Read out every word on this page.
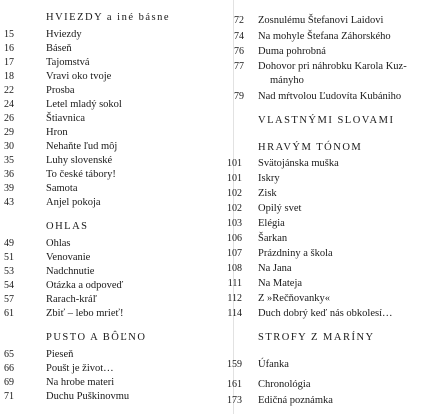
HVIEZDY a iné básne
15	Hviezdy
16	Báseň
17	Tajomstvá
18	Vravi oko tvoje
22	Prosba
24	Letel mladý sokol
26	Štiavnica
29	Hron
30	Nehaňte ľud môj
35	Luhy slovenské
36	To české tábory!
39	Samota
43	Anjel pokoja
OHLAS
49	Ohlas
51	Venovanie
53	Nadchnutie
54	Otázka a odpoveď
57	Rarach-kráľ
61	Zbiť – lebo mrieť!
PUSTO A BÔĽNO
65	Pieseň
66	Poušt je život…
69	Na hrobe materi
71	Duchu Puškinovmu
72 Zosnulému Štefanovi Laidovi
74 Na mohyle Štefana Záhorského
76 Duma pohrobná
77 Dohovor pri náhrobku Karola Kuz-
mányho
79 Nad mŕtvolou Ľudovíta Kubániho
VLASTNÝMI SLOVAMI
HRAVÝM TÓNOM
101 Svätojánska muška
101 Iskry
102 Zisk
102 Opilý svet
103 Elégia
106 Šarkan
107 Prázdniny a škola
108 Na Jana
111 Na Mateja
112 Z »Rečňovanky«
114 Duch dobrý keď nás obkolesí…
STROFY Z MARÍNY
159 Úfanka
161 Chronológia
173 Edičná poznámka
